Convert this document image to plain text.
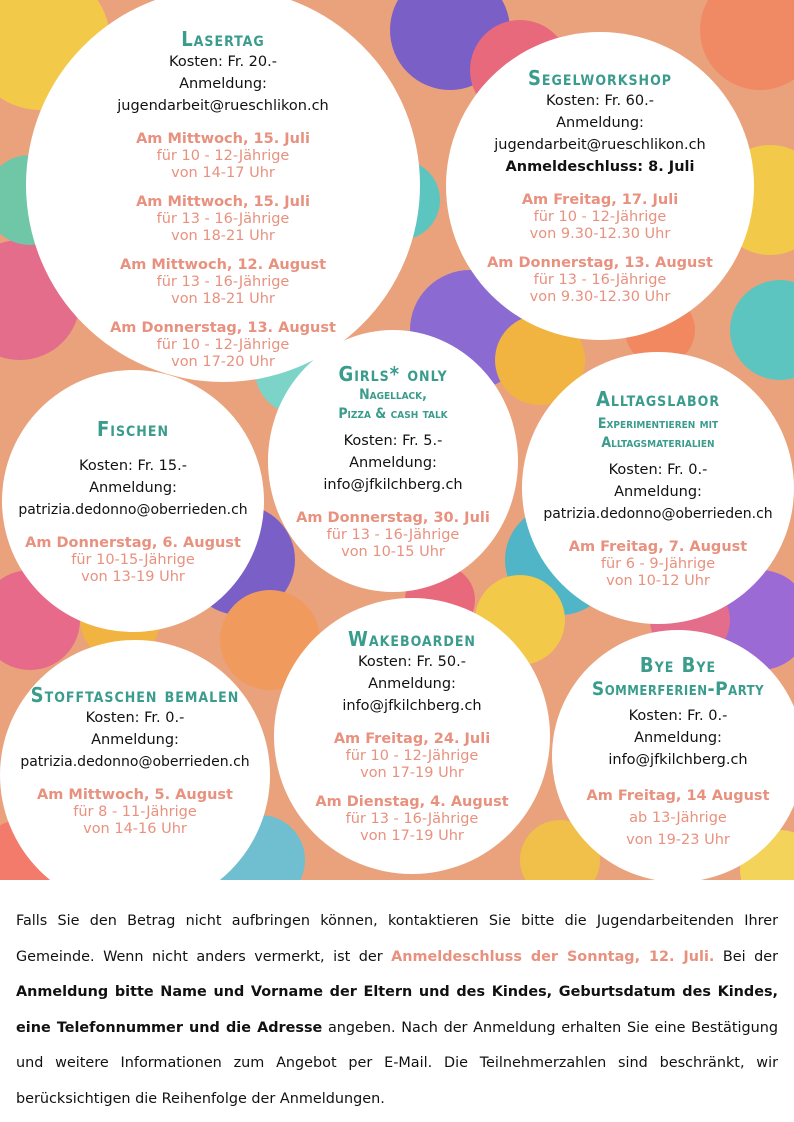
Lasertag
Kosten: Fr. 20.-
Anmeldung:
jugendarbeit@rueschlikon.ch
Am Mittwoch, 15. Juli
für 10 - 12-Jährige
von 14-17 Uhr
Am Mittwoch, 15. Juli
für 13 - 16-Jährige
von 18-21 Uhr
Am Mittwoch, 12. August
für 13 - 16-Jährige
von 18-21 Uhr
Am Donnerstag, 13. August
für 10 - 12-Jährige
von 17-20 Uhr
Segelworkshop
Kosten: Fr. 60.-
Anmeldung:
jugendarbeit@rueschlikon.ch
Anmeldeschluss: 8. Juli
Am Freitag, 17. Juli
für 10 - 12-Jährige
von 9.30-12.30 Uhr
Am Donnerstag, 13. August
für 13 - 16-Jährige
von 9.30-12.30 Uhr
Fischen
Kosten: Fr. 15.-
Anmeldung:
patrizia.dedonno@oberrieden.ch
Am Donnerstag, 6. August
für 10-15-Jährige
von 13-19 Uhr
Girls* only
Nagellack,
Pizza & cash talk
Kosten: Fr. 5.-
Anmeldung:
info@jfkilchberg.ch
Am Donnerstag, 30. Juli
für 13 - 16-Jährige
von 10-15 Uhr
Alltagslabor
Experimentieren mit
Alltagsmaterialien
Kosten: Fr. 0.-
Anmeldung:
patrizia.dedonno@oberrieden.ch
Am Freitag, 7. August
für 6 - 9-Jährige
von 10-12 Uhr
Stofftaschen bemalen
Kosten: Fr. 0.-
Anmeldung:
patrizia.dedonno@oberrieden.ch
Am Mittwoch, 5. August
für 8 - 11-Jährige
von 14-16 Uhr
Wakeboarden
Kosten: Fr. 50.-
Anmeldung:
info@jfkilchberg.ch
Am Freitag, 24. Juli
für 10 - 12-Jährige
von 17-19 Uhr
Am Dienstag, 4. August
für 13 - 16-Jährige
von 17-19 Uhr
Bye Bye
Sommerferien-Party
Kosten: Fr. 0.-
Anmeldung:
info@jfkilchberg.ch
Am Freitag, 14 August
ab 13-Jährige
von 19-23 Uhr
Falls Sie den Betrag nicht aufbringen können, kontaktieren Sie bitte die Jugendarbeitenden Ihrer Gemeinde. Wenn nicht anders vermerkt, ist der Anmeldeschluss der Sonntag, 12. Juli. Bei der Anmeldung bitte Name und Vorname der Eltern und des Kindes, Geburtsdatum des Kindes, eine Telefonnummer und die Adresse angeben. Nach der Anmeldung erhalten Sie eine Bestätigung und weitere Informationen zum Angebot per E-Mail. Die Teilnehmerzahlen sind beschränkt, wir berücksichtigen die Reihenfolge der Anmeldungen.
